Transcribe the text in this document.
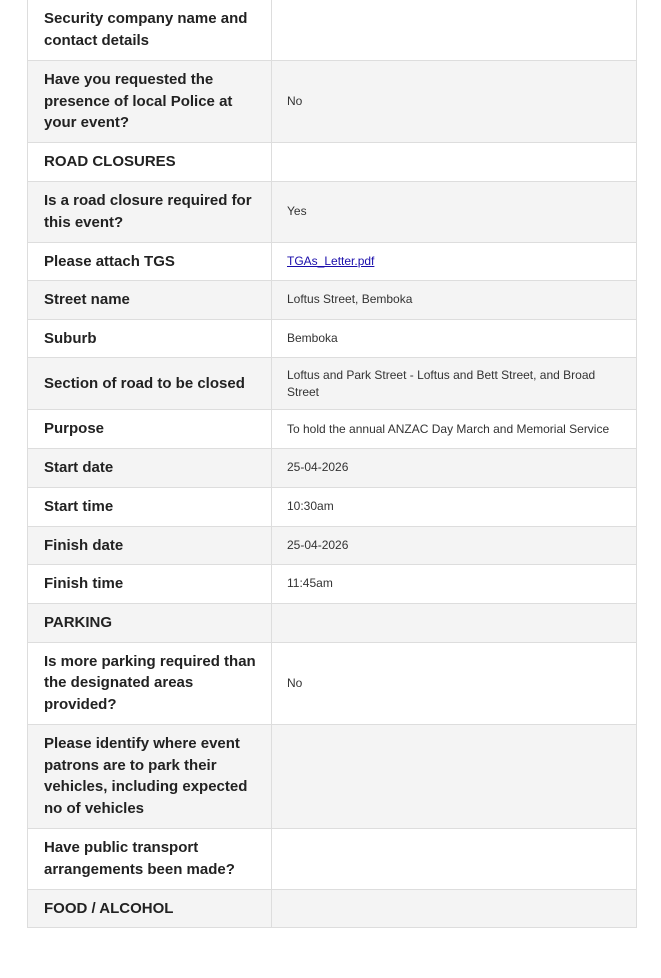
Security company name and contact details	
Have you requested the presence of local Police at your event?	No
ROAD CLOSURES	
Is a road closure required for this event?	Yes
Please attach TGS	TGAs_Letter.pdf
Street name	Loftus Street, Bemboka
Suburb	Bemboka
Section of road to be closed	Loftus and Park Street - Loftus and Bett Street, and Broad Street
Purpose	To hold the annual ANZAC Day March and Memorial Service
Start date	25-04-2026
Start time	10:30am
Finish date	25-04-2026
Finish time	11:45am
PARKING	
Is more parking required than the designated areas provided?	No
Please identify where event patrons are to park their vehicles, including expected no of vehicles	
Have public transport arrangements been made?	
FOOD / ALCOHOL	
